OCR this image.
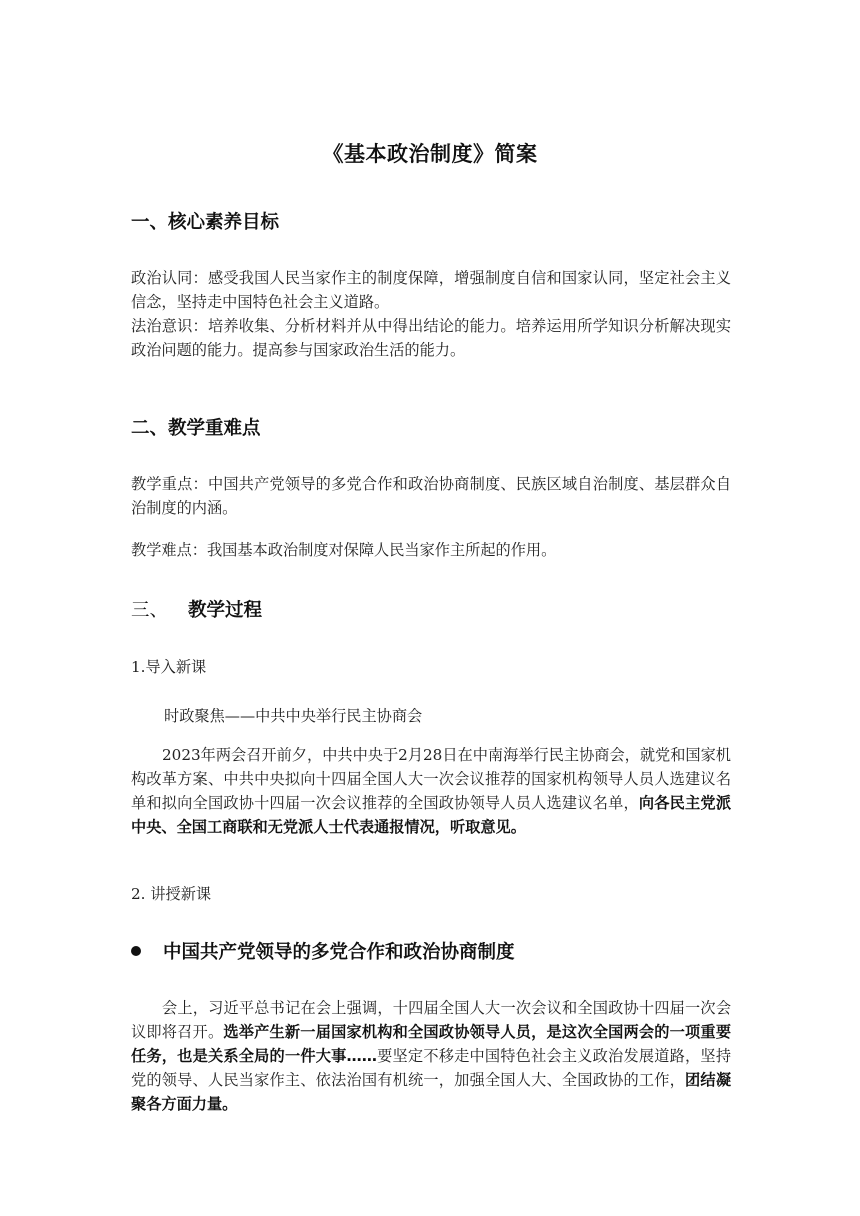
《基本政治制度》简案
一、核心素养目标
政治认同：感受我国人民当家作主的制度保障，增强制度自信和国家认同，坚定社会主义信念，坚持走中国特色社会主义道路。
法治意识：培养收集、分析材料并从中得出结论的能力。培养运用所学知识分析解决现实政治问题的能力。提高参与国家政治生活的能力。
二、教学重难点
教学重点：中国共产党领导的多党合作和政治协商制度、民族区域自治制度、基层群众自治制度的内涵。
教学难点：我国基本政治制度对保障人民当家作主所起的作用。
三、 教学过程
1.导入新课
时政聚焦——中共中央举行民主协商会
2023年两会召开前夕，中共中央于2月28日在中南海举行民主协商会，就党和国家机构改革方案、中共中央拟向十四届全国人大一次会议推荐的国家机构领导人员人选建议名单和拟向全国政协十四届一次会议推荐的全国政协领导人员人选建议名单，向各民主党派中央、全国工商联和无党派人士代表通报情况，听取意见。
2. 讲授新课
中国共产党领导的多党合作和政治协商制度
会上，习近平总书记在会上强调，十四届全国人大一次会议和全国政协十四届一次会议即将召开。选举产生新一届国家机构和全国政协领导人员，是这次全国两会的一项重要任务，也是关系全局的一件大事……要坚定不移走中国特色社会主义政治发展道路，坚持党的领导、人民当家作主、依法治国有机统一，加强全国人大、全国政协的工作，团结凝聚各方面力量。
